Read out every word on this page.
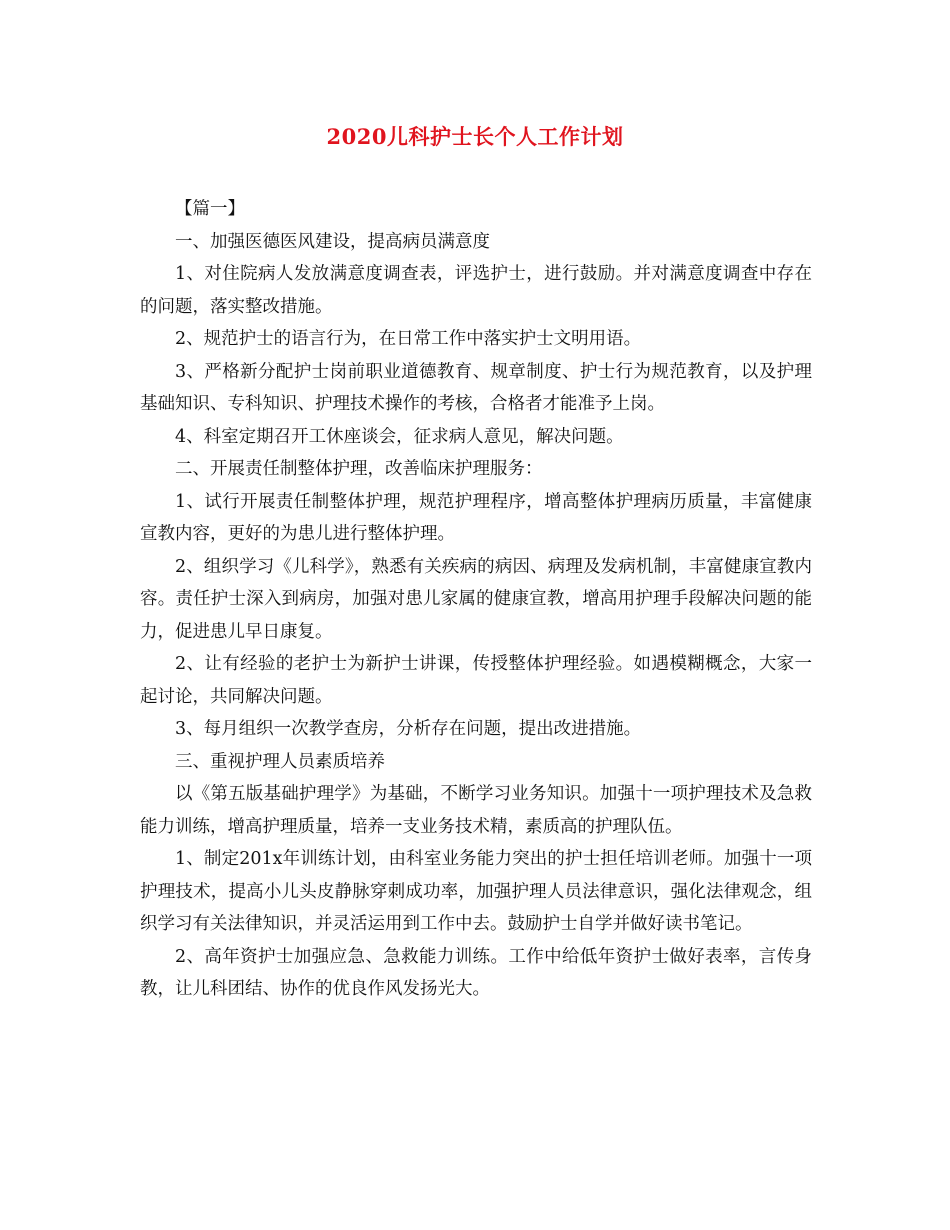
2020儿科护士长个人工作计划

【篇一】

一、加强医德医风建设，提高病员满意度

1、对住院病人发放满意度调查表，评选护士，进行鼓励。并对满意度调查中存在的问题，落实整改措施。

2、规范护士的语言行为，在日常工作中落实护士文明用语。

3、严格新分配护士岗前职业道德教育、规章制度、护士行为规范教育，以及护理基础知识、专科知识、护理技术操作的考核，合格者才能准予上岗。

4、科室定期召开工休座谈会，征求病人意见，解决问题。

二、开展责任制整体护理，改善临床护理服务：

1、试行开展责任制整体护理，规范护理程序，增高整体护理病历质量，丰富健康宣教内容，更好的为患儿进行整体护理。

2、组织学习《儿科学》，熟悉有关疾病的病因、病理及发病机制，丰富健康宣教内容。责任护士深入到病房，加强对患儿家属的健康宣教，增高用护理手段解决问题的能力，促进患儿早日康复。

2、让有经验的老护士为新护士讲课，传授整体护理经验。如遇模糊概念，大家一起讨论，共同解决问题。

3、每月组织一次教学查房，分析存在问题，提出改进措施。

三、重视护理人员素质培养

以《第五版基础护理学》为基础，不断学习业务知识。加强十一项护理技术及急救能力训练，增高护理质量，培养一支业务技术精，素质高的护理队伍。

1、制定201x年训练计划，由科室业务能力突出的护士担任培训老师。加强十一项护理技术，提高小儿头皮静脉穿刺成功率，加强护理人员法律意识，强化法律观念，组织学习有关法律知识，并灵活运用到工作中去。鼓励护士自学并做好读书笔记。

2、高年资护士加强应急、急救能力训练。工作中给低年资护士做好表率，言传身教，让儿科团结、协作的优良作风发扬光大。
